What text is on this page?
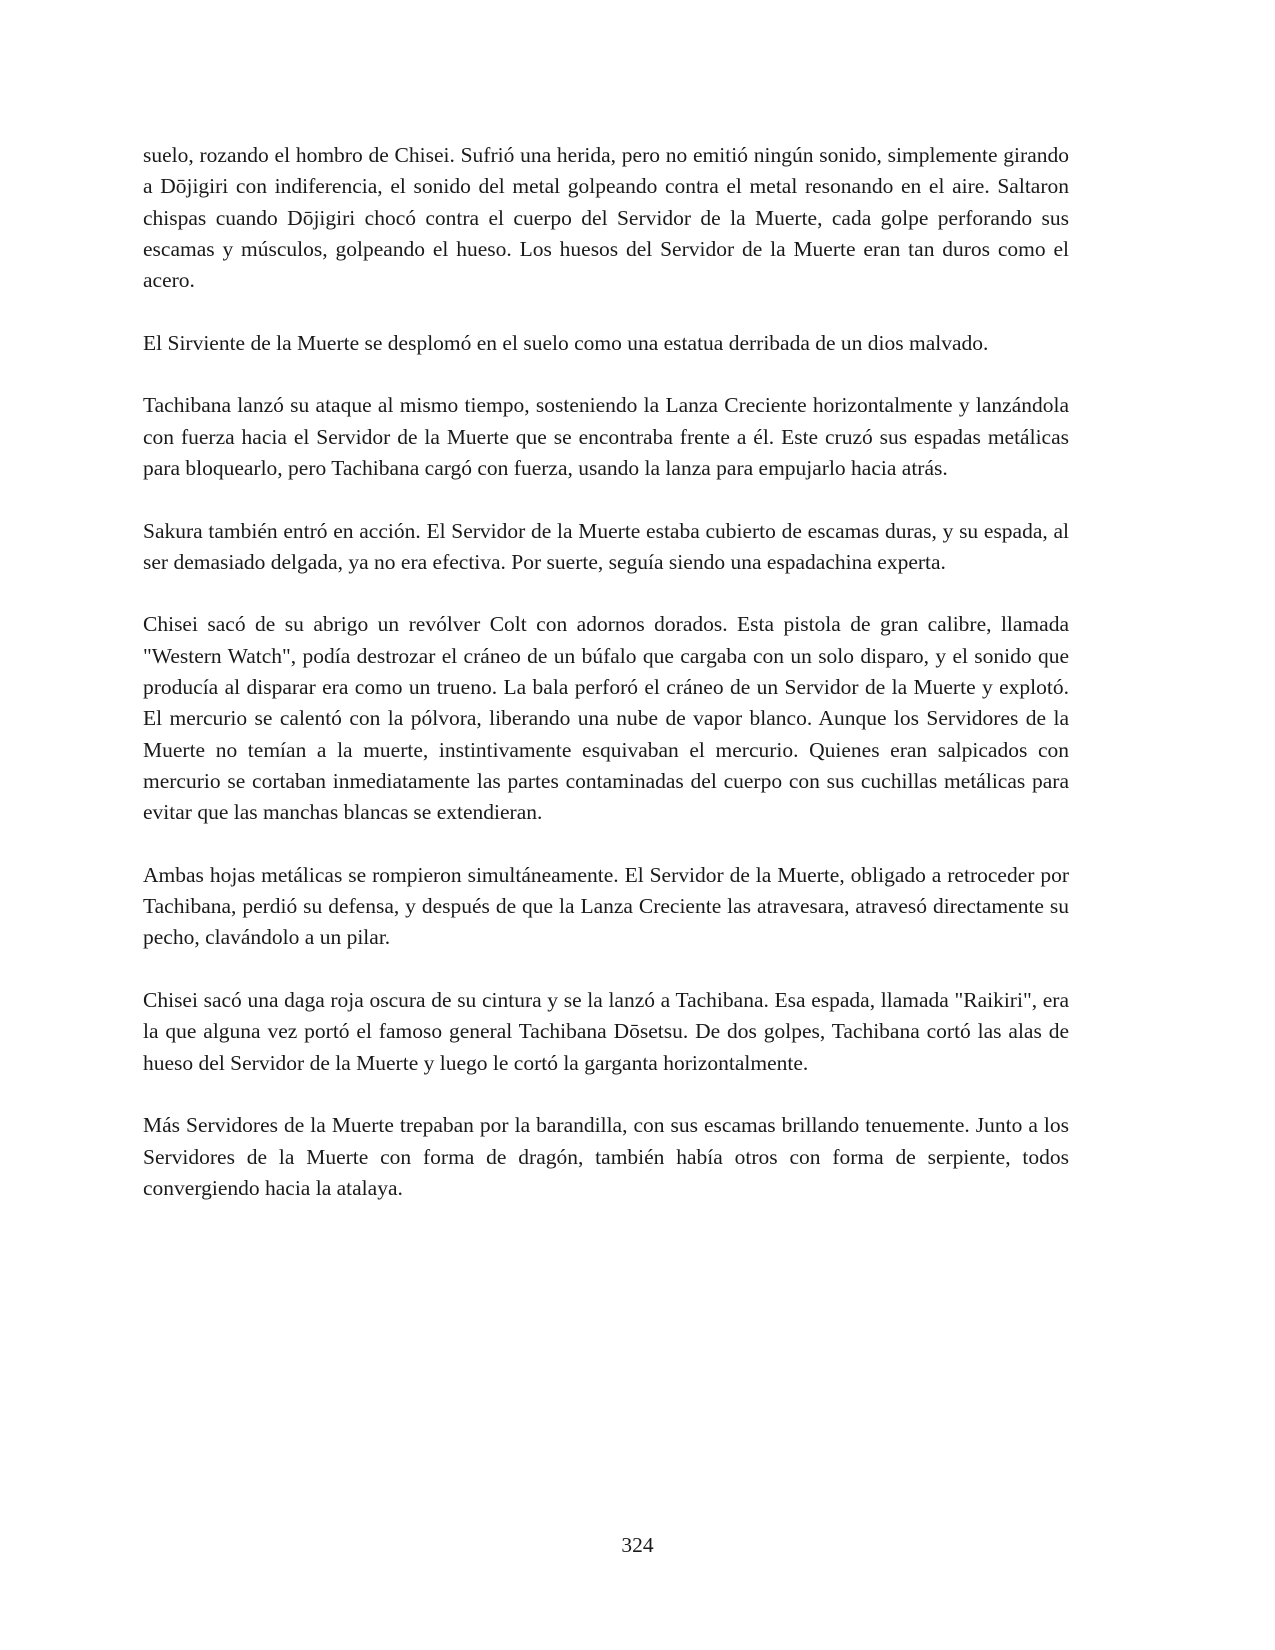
suelo, rozando el hombro de Chisei. Sufrió una herida, pero no emitió ningún sonido, simplemente girando a Dōjigiri con indiferencia, el sonido del metal golpeando contra el metal resonando en el aire. Saltaron chispas cuando Dōjigiri chocó contra el cuerpo del Servidor de la Muerte, cada golpe perforando sus escamas y músculos, golpeando el hueso. Los huesos del Servidor de la Muerte eran tan duros como el acero.

El Sirviente de la Muerte se desplomó en el suelo como una estatua derribada de un dios malvado.

Tachibana lanzó su ataque al mismo tiempo, sosteniendo la Lanza Creciente horizontalmente y lanzándola con fuerza hacia el Servidor de la Muerte que se encontraba frente a él. Este cruzó sus espadas metálicas para bloquearlo, pero Tachibana cargó con fuerza, usando la lanza para empujarlo hacia atrás.

Sakura también entró en acción. El Servidor de la Muerte estaba cubierto de escamas duras, y su espada, al ser demasiado delgada, ya no era efectiva. Por suerte, seguía siendo una espadachina experta.

Chisei sacó de su abrigo un revólver Colt con adornos dorados. Esta pistola de gran calibre, llamada "Western Watch", podía destrozar el cráneo de un búfalo que cargaba con un solo disparo, y el sonido que producía al disparar era como un trueno. La bala perforó el cráneo de un Servidor de la Muerte y explotó. El mercurio se calentó con la pólvora, liberando una nube de vapor blanco. Aunque los Servidores de la Muerte no temían a la muerte, instintivamente esquivaban el mercurio. Quienes eran salpicados con mercurio se cortaban inmediatamente las partes contaminadas del cuerpo con sus cuchillas metálicas para evitar que las manchas blancas se extendieran.

Ambas hojas metálicas se rompieron simultáneamente. El Servidor de la Muerte, obligado a retroceder por Tachibana, perdió su defensa, y después de que la Lanza Creciente las atravesara, atravesó directamente su pecho, clavándolo a un pilar.

Chisei sacó una daga roja oscura de su cintura y se la lanzó a Tachibana. Esa espada, llamada "Raikiri", era la que alguna vez portó el famoso general Tachibana Dōsetsu. De dos golpes, Tachibana cortó las alas de hueso del Servidor de la Muerte y luego le cortó la garganta horizontalmente.

Más Servidores de la Muerte trepaban por la barandilla, con sus escamas brillando tenuemente. Junto a los Servidores de la Muerte con forma de dragón, también había otros con forma de serpiente, todos convergiendo hacia la atalaya.

324
